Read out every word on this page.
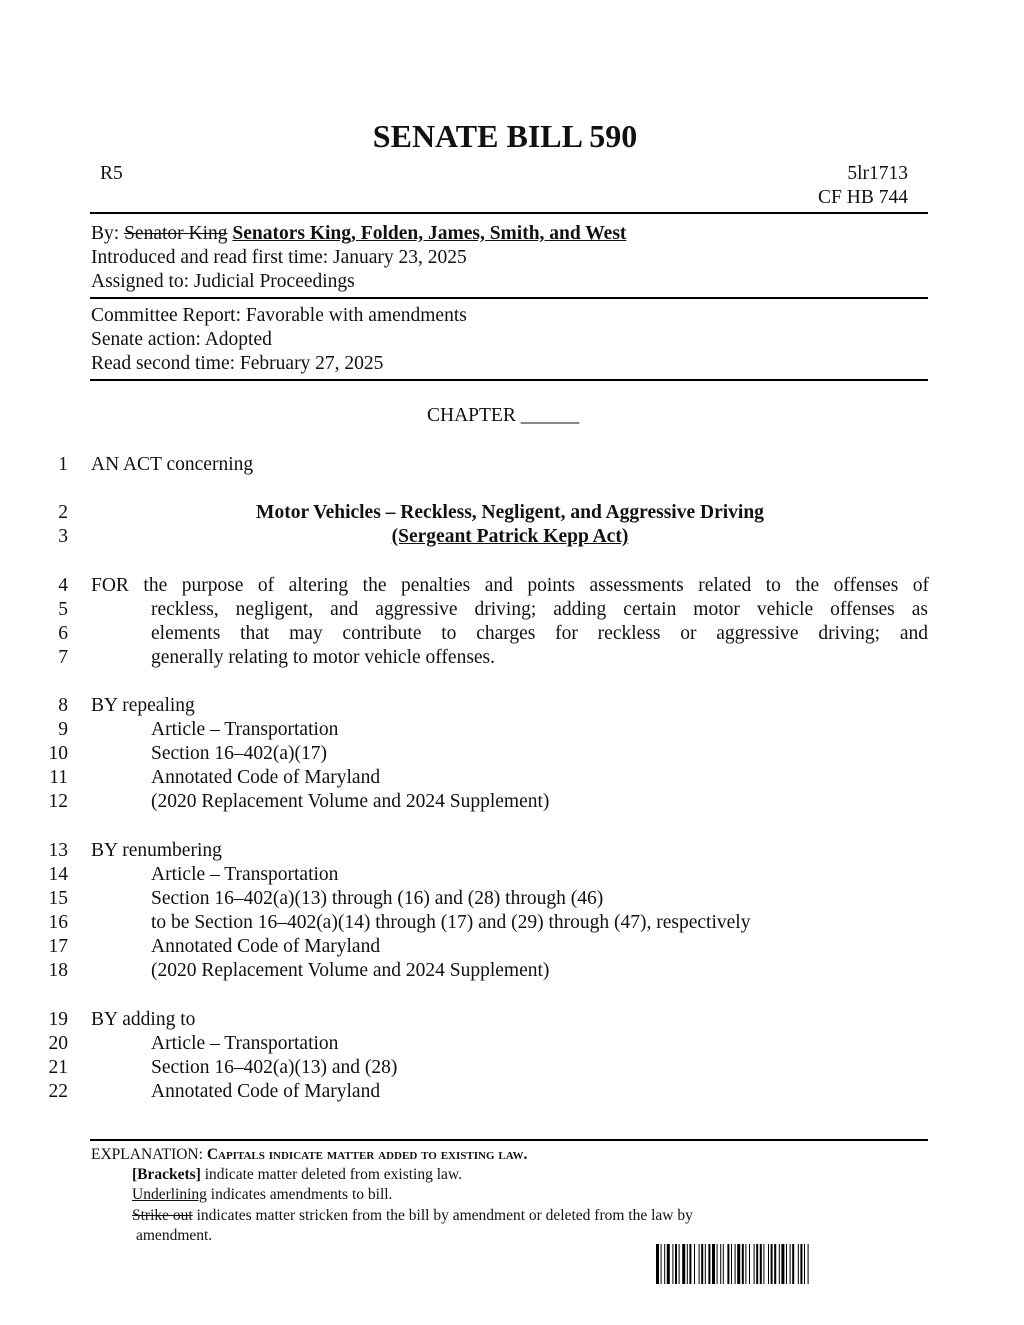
SENATE BILL 590
R5	5lr1713
CF HB 744
By: Senator King Senators King, Folden, James, Smith, and West
Introduced and read first time: January 23, 2025
Assigned to: Judicial Proceedings
Committee Report: Favorable with amendments
Senate action: Adopted
Read second time: February 27, 2025
CHAPTER ______
1 AN ACT concerning
2	Motor Vehicles – Reckless, Negligent, and Aggressive Driving
3	(Sergeant Patrick Kepp Act)
4 FOR the purpose of altering the penalties and points assessments related to the offenses of
5	reckless, negligent, and aggressive driving; adding certain motor vehicle offenses as
6	elements that may contribute to charges for reckless or aggressive driving; and
7	generally relating to motor vehicle offenses.
8 BY repealing
9	Article – Transportation
10	Section 16–402(a)(17)
11	Annotated Code of Maryland
12	(2020 Replacement Volume and 2024 Supplement)
13 BY renumbering
14	Article – Transportation
15	Section 16–402(a)(13) through (16) and (28) through (46)
16	to be Section 16–402(a)(14) through (17) and (29) through (47), respectively
17	Annotated Code of Maryland
18	(2020 Replacement Volume and 2024 Supplement)
19 BY adding to
20	Article – Transportation
21	Section 16–402(a)(13) and (28)
22	Annotated Code of Maryland
EXPLANATION: Capitals indicate matter added to existing law.
[Brackets] indicate matter deleted from existing law.
Underlining indicates amendments to bill.
Strike out indicates matter stricken from the bill by amendment or deleted from the law by
amendment.
